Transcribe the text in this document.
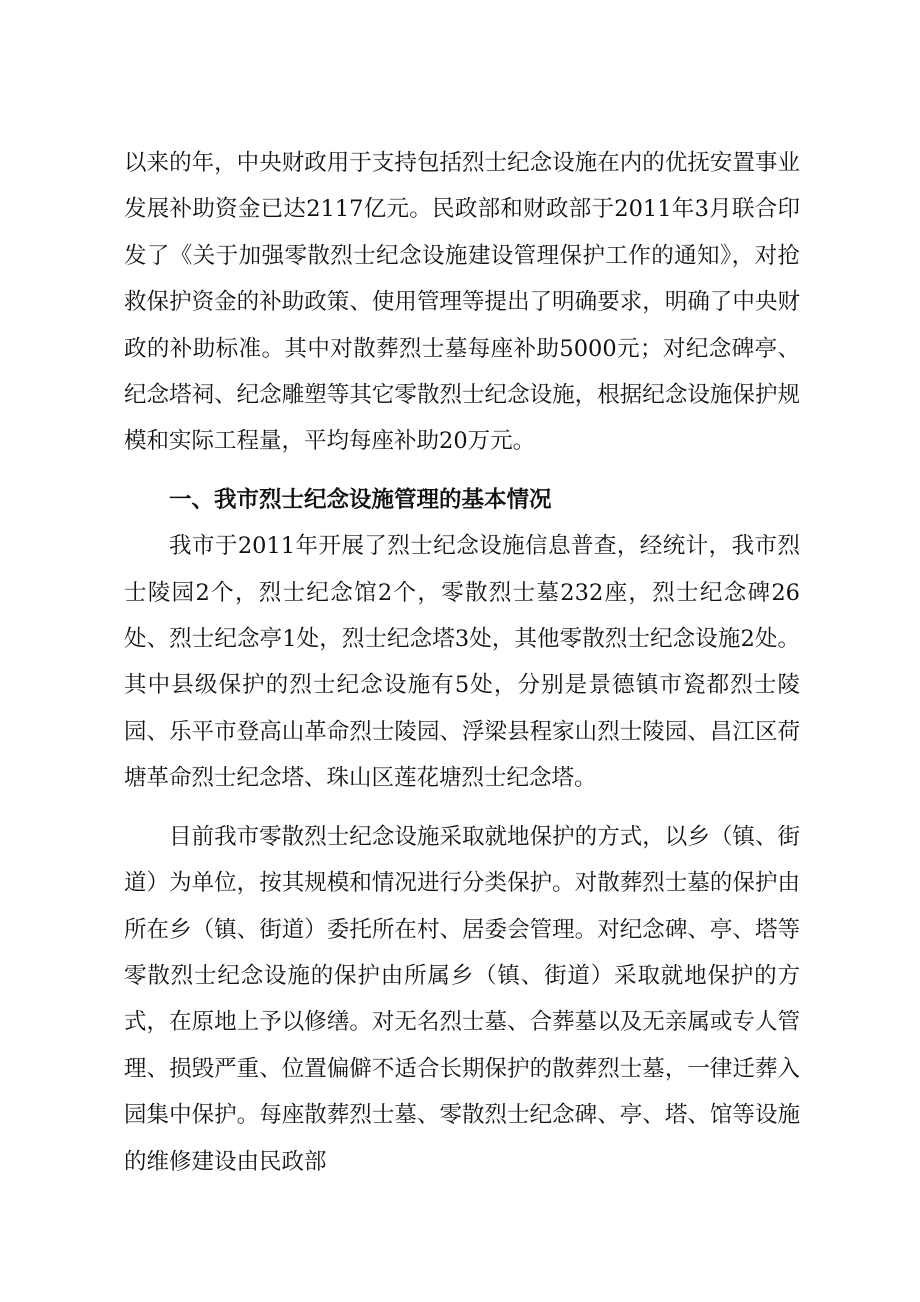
以来的年，中央财政用于支持包括烈士纪念设施在内的优抚安置事业发展补助资金已达2117亿元。民政部和财政部于2011年3月联合印发了《关于加强零散烈士纪念设施建设管理保护工作的通知》，对抢救保护资金的补助政策、使用管理等提出了明确要求，明确了中央财政的补助标准。其中对散葬烈士墓每座补助5000元；对纪念碑亭、纪念塔祠、纪念雕塑等其它零散烈士纪念设施，根据纪念设施保护规模和实际工程量，平均每座补助20万元。

一、我市烈士纪念设施管理的基本情况

我市于2011年开展了烈士纪念设施信息普查，经统计，我市烈士陵园2个，烈士纪念馆2个，零散烈士墓232座，烈士纪念碑26处、烈士纪念亭1处，烈士纪念塔3处，其他零散烈士纪念设施2处。其中县级保护的烈士纪念设施有5处，分别是景德镇市瓷都烈士陵园、乐平市登高山革命烈士陵园、浮梁县程家山烈士陵园、昌江区荷塘革命烈士纪念塔、珠山区莲花塘烈士纪念塔。

目前我市零散烈士纪念设施采取就地保护的方式，以乡（镇、街道）为单位，按其规模和情况进行分类保护。对散葬烈士墓的保护由所在乡（镇、街道）委托所在村、居委会管理。对纪念碑、亭、塔等零散烈士纪念设施的保护由所属乡（镇、街道）采取就地保护的方式，在原地上予以修缮。对无名烈士墓、合葬墓以及无亲属或专人管理、损毁严重、位置偏僻不适合长期保护的散葬烈士墓，一律迁葬入园集中保护。每座散葬烈士墓、零散烈士纪念碑、亭、塔、馆等设施的维修建设由民政部
